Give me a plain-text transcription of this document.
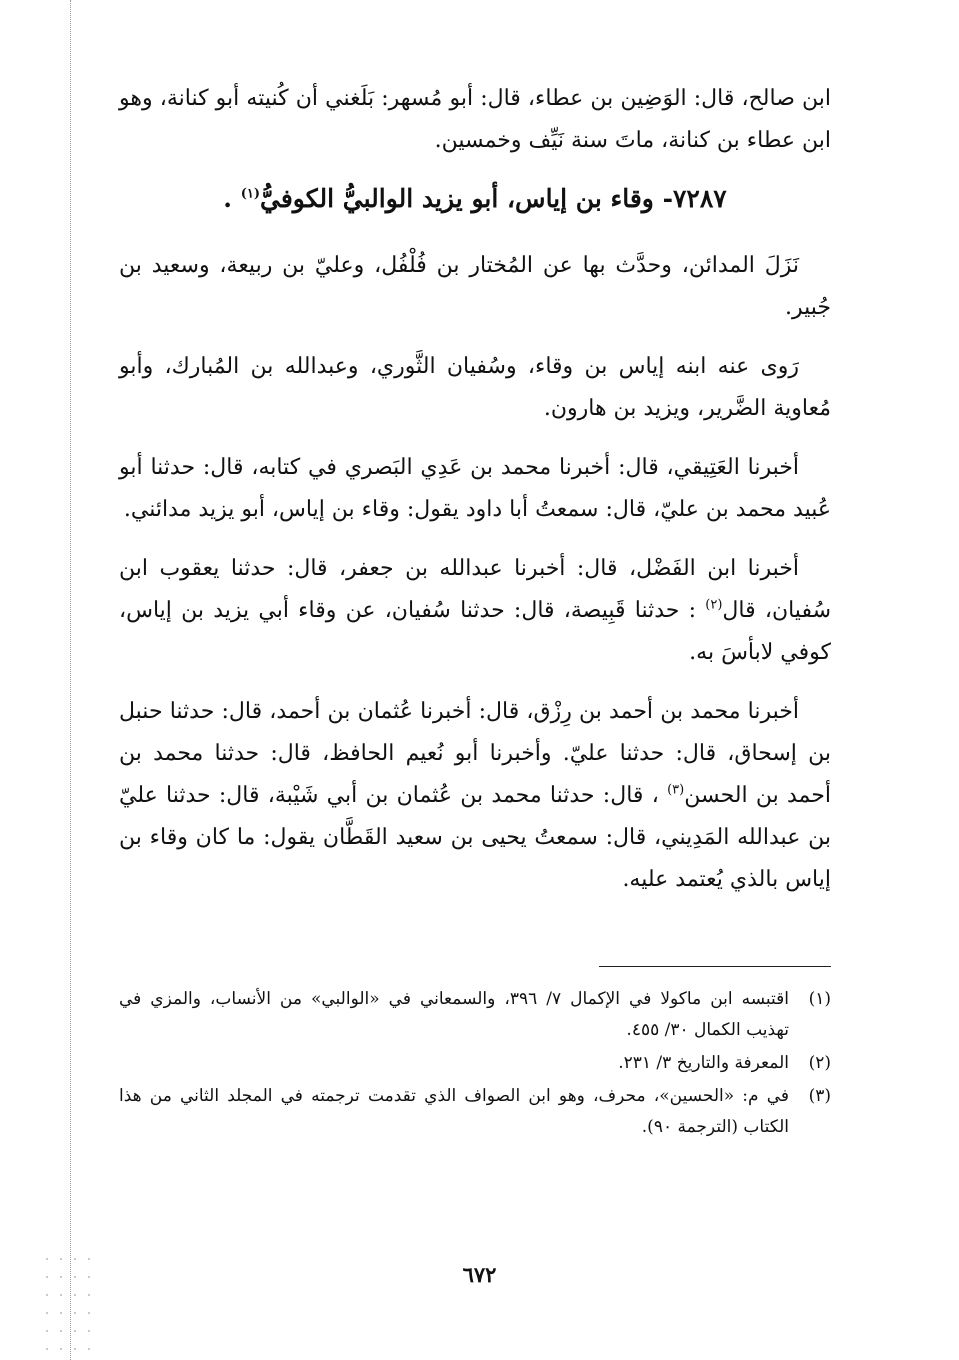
ابن صالح، قال: الوَضِين بن عطاء، قال: أبو مُسهر: بَلَغني أن كُنيته أبو كنانة، وهو ابن عطاء بن كنانة، ماتَ سنة نَيِّف وخمسين.

٧٢٨٧- وقاء بن إياس، أبو يزيد الوالبيُّ الكوفيُّ$^{(١)}$ .

نَزَلَ المدائن، وحدَّث بها عن المُختار بن فُلْفُل، وعليّ بن ربيعة، وسعيد بن جُبير.

رَوى عنه ابنه إياس بن وقاء، وسُفيان الثَّوري، وعبدالله بن المُبارك، وأبو مُعاوية الضَّرير، ويزيد بن هارون.

أخبرنا العَتِيقي، قال: أخبرنا محمد بن عَدِي البَصري في كتابه، قال: حدثنا أبو عُبيد محمد بن عليّ، قال: سمعتُ أبا داود يقول: وقاء بن إياس، أبو يزيد مدائني.

أخبرنا ابن الفَضْل، قال: أخبرنا عبدالله بن جعفر، قال: حدثنا يعقوب ابن سُفيان، قال$^{(٢)}$ : حدثنا قَبِيصة، قال: حدثنا سُفيان، عن وقاء أبي يزيد بن إياس، كوفي لابأسَ به.

أخبرنا محمد بن أحمد بن رِزْق، قال: أخبرنا عُثمان بن أحمد، قال: حدثنا حنبل بن إسحاق، قال: حدثنا عليّ. وأخبرنا أبو نُعيم الحافظ، قال: حدثنا محمد بن أحمد بن الحسن$^{(٣)}$ ، قال: حدثنا محمد بن عُثمان بن أبي شَيْبة، قال: حدثنا عليّ بن عبدالله المَدِيني، قال: سمعتُ يحيى بن سعيد القَطَّان يقول: ما كان وقاء بن إياس بالذي يُعتمد عليه.

(١)
اقتبسه ابن ماكولا في الإكمال ٧/ ٣٩٦، والسمعاني في «الوالبي» من الأنساب، والمزي في تهذيب الكمال ٣٠/ ٤٥٥.
(٢)
المعرفة والتاريخ ٣/ ٢٣١.
(٣)
في م: «الحسين»، محرف، وهو ابن الصواف الذي تقدمت ترجمته في المجلد الثاني من هذا الكتاب (الترجمة ٩٠).
٦٧٢
